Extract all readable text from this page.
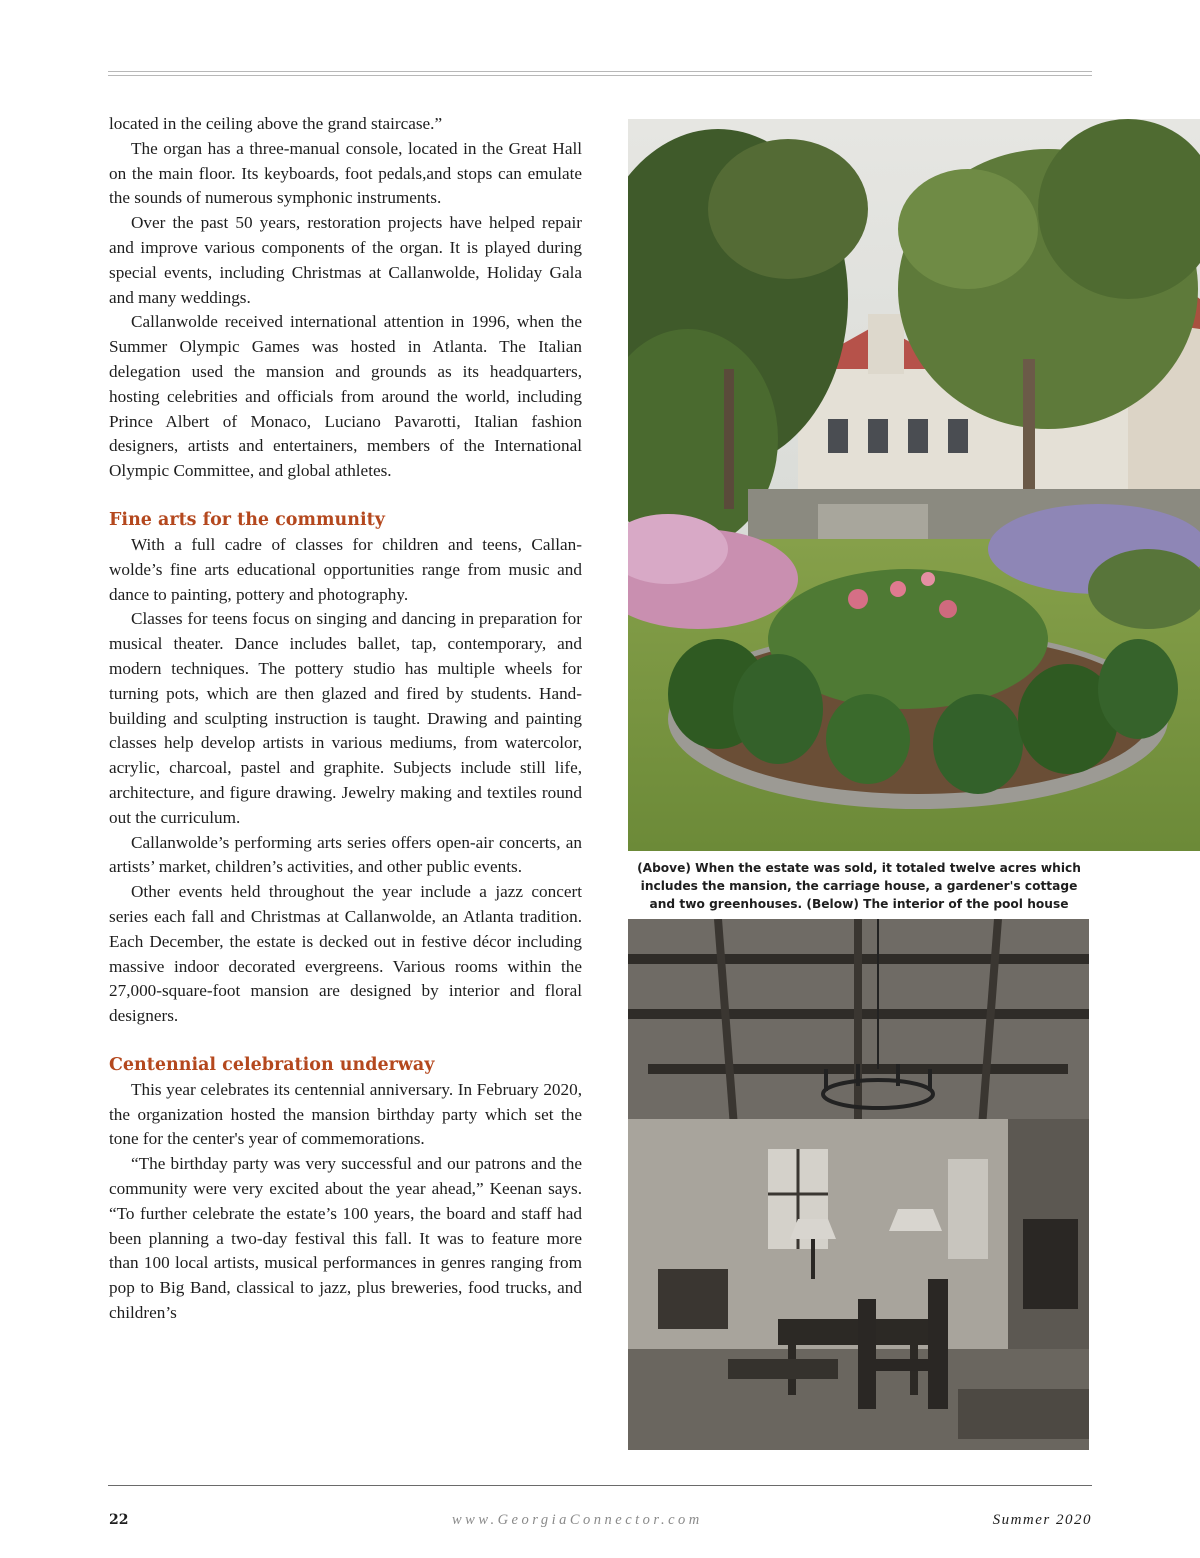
located in the ceiling above the grand staircase.”

The organ has a three-manual console, located in the Great Hall on the main floor. Its keyboards, foot pedals,and stops can emulate the sounds of numerous symphonic instruments.

Over the past 50 years, restoration projects have helped repair and improve various components of the organ. It is played during special events, including Christmas at Callanwolde, Holiday Gala and many weddings.

Callanwolde received international attention in 1996, when the Summer Olympic Games was hosted in Atlanta. The Italian delegation used the mansion and grounds as its headquarters, hosting celebrities and officials from around the world, including Prince Albert of Monaco, Luciano Pavarotti, Italian fashion designers, artists and entertainers, members of the International Olympic Committee, and global athletes.

Fine arts for the community

With a full cadre of classes for children and teens, Callan-wolde’s fine arts educational opportunities range from music and dance to painting, pottery and photography.

Classes for teens focus on singing and dancing in preparation for musical theater. Dance includes ballet, tap, contemporary, and modern techniques. The pottery studio has multiple wheels for turning pots, which are then glazed and fired by students. Hand-building and sculpting instruction is taught. Drawing and painting classes help develop artists in various mediums, from watercolor, acrylic, charcoal, pastel and graphite. Subjects include still life, architecture, and figure drawing. Jewelry making and textiles round out the curriculum.

Callanwolde’s performing arts series offers open-air concerts, an artists’ market, children’s activities, and other public events.

Other events held throughout the year include a jazz concert series each fall and Christmas at Callanwolde, an Atlanta tradition. Each December, the estate is decked out in festive décor including massive indoor decorated evergreens. Various rooms within the 27,000-square-foot mansion are designed by interior and floral designers.

Centennial celebration underway

This year celebrates its centennial anniversary. In February 2020, the organization hosted the mansion birthday party which set the tone for the center's year of commemorations.

“The birthday party was very successful and our patrons and the community were very excited about the year ahead,” Keenan says. “To further celebrate the estate’s 100 years, the board and staff had been planning a two-day festival this fall. It was to feature more than 100 local artists, musical performances in genres ranging from pop to Big Band, classical to jazz, plus breweries, food trucks, and children’s

(Above) When the estate was sold, it totaled twelve acres which includes the mansion, the carriage house, a gardener's cottage and two greenhouses. (Below) The interior of the pool house
22	www.GeorgiaConnector.com	Summer 2020
